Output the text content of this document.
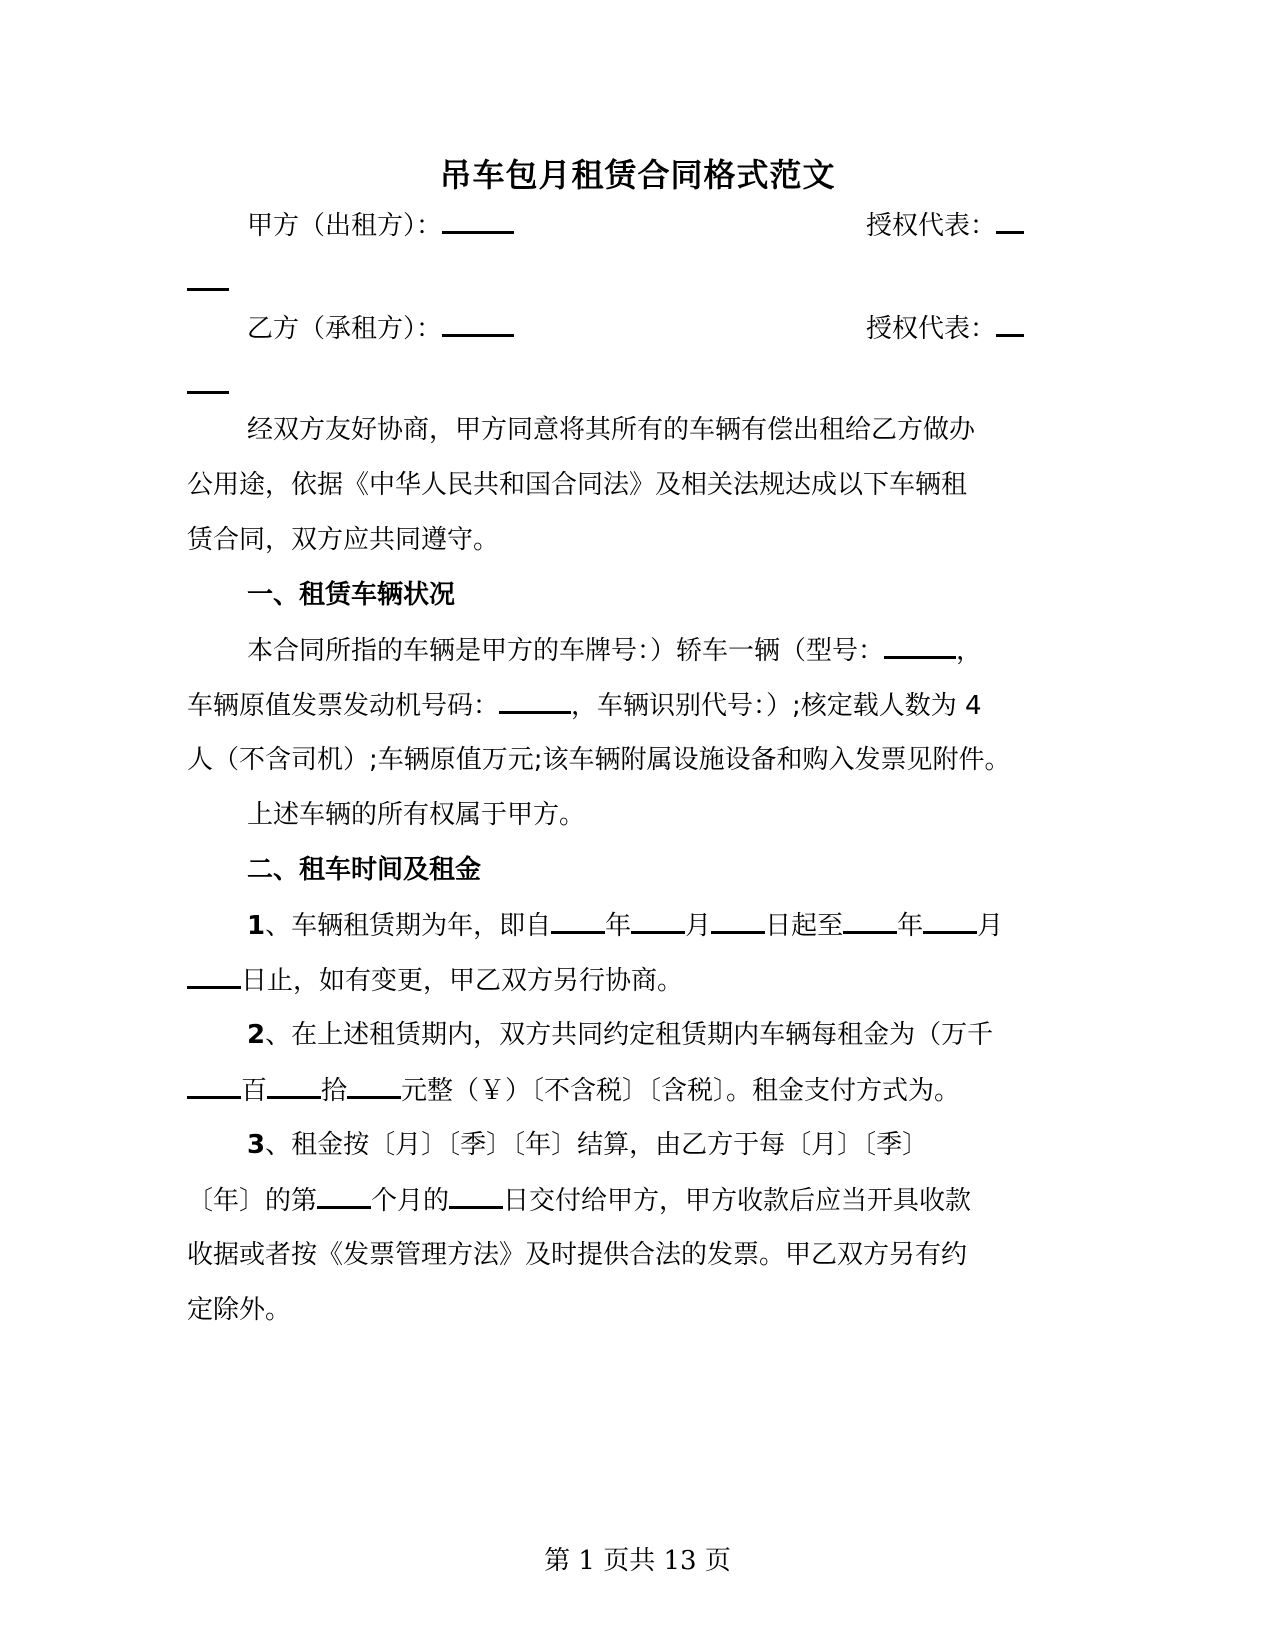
吊车包月租赁合同格式范文
甲方（出租方）：	授权代表：
乙方（承租方）：	授权代表：
经双方友好协商，甲方同意将其所有的车辆有偿出租给乙方做办
公用途，依据《中华人民共和国合同法》及相关法规达成以下车辆租
赁合同，双方应共同遵守。
一、租赁车辆状况
本合同所指的车辆是甲方的车牌号：）轿车一辆（型号：	，
车辆原值发票发动机号码：	，车辆识别代号：）;核定载人数为 4
人（不含司机）;车辆原值万元;该车辆附属设施设备和购入发票见附件。
上述车辆的所有权属于甲方。
二、租车时间及租金
1、车辆租赁期为年，即自 年 月 日起至 年 月
日止，如有变更，甲乙双方另行协商。
2、在上述租赁期内，双方共同约定租赁期内车辆每租金为（万千
百 拾 元整（￥）〔不含税〕〔含税〕。租金支付方式为。
3、租金按〔月〕〔季〕〔年〕结算，由乙方于每〔月〕〔季〕
〔年〕的第 个月的 日交付给甲方，甲方收款后应当开具收款
收据或者按《发票管理方法》及时提供合法的发票。甲乙双方另有约
定除外。
第 1 页共 13 页
